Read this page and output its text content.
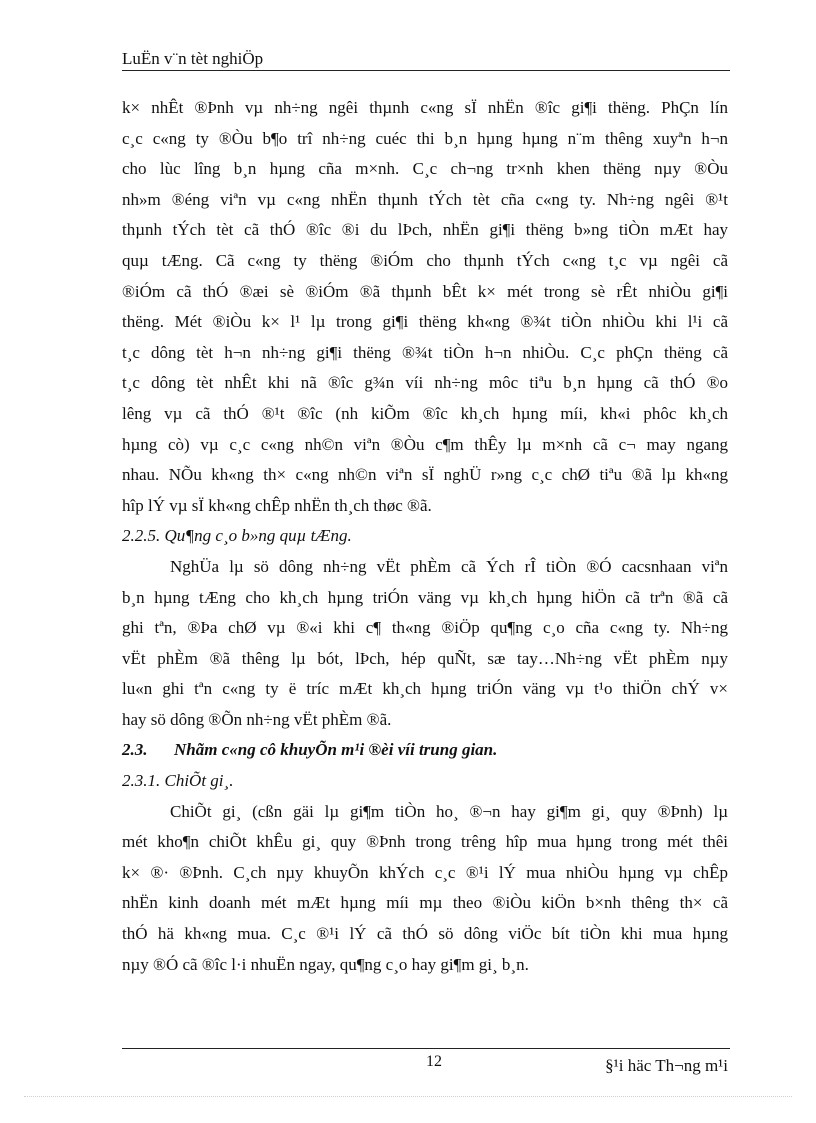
LuËn v¨n tèt nghiÖp

k× nhÊt ®Þnh vµ nh÷ng ngêi thµnh c«ng sÏ nhËn ®îc gi¶i thëng. PhÇn lín

c¸c c«ng ty ®Òu b¶o trî nh÷ng cuéc thi b¸n hµng hµng n¨m thêng xuyªn h¬n

cho lùc lîng b¸n hµng cña m×nh. C¸c ch¬ng tr×nh khen thëng nµy ®Òu

nh»m ®éng viªn vµ c«ng nhËn thµnh tÝch tèt cña c«ng ty. Nh÷ng ngêi ®¹t

thµnh tÝch tèt cã thÓ ®îc ®i du lÞch, nhËn gi¶i thëng b»ng tiÒn mÆt hay

quµ tÆng. Cã c«ng ty thëng ®iÓm cho thµnh tÝch c«ng t¸c vµ ngêi cã

®iÓm cã thÓ ®æi sè ®iÓm ®ã thµnh bÊt k× mét trong sè rÊt nhiÒu gi¶i

thëng. Mét ®iÒu k× l¹ lµ trong gi¶i thëng kh«ng ®¾t tiÒn nhiÒu khi l¹i cã

t¸c dông tèt h¬n nh÷ng gi¶i thëng ®¾t tiÒn h¬n nhiÒu. C¸c phÇn thëng cã

t¸c dông tèt nhÊt khi nã ®îc g¾n víi nh÷ng môc tiªu b¸n hµng cã thÓ ®o

lêng vµ cã thÓ ®¹t ®îc (nh kiÕm ®îc kh¸ch hµng míi, kh«i phôc kh¸ch

hµng cò) vµ c¸c c«ng nh©n viªn ®Òu c¶m thÊy lµ m×nh cã c¬ may ngang

nhau. NÕu kh«ng th× c«ng nh©n viªn sÏ nghÜ r»ng c¸c chØ tiªu ®ã lµ kh«ng

hîp lÝ vµ sÏ kh«ng chÊp nhËn th¸ch thøc ®ã.

2.2.5. Qu¶ng c¸o b»ng quµ tÆng.

NghÜa lµ sö dông nh÷ng vËt phÈm cã Ých rÎ tiÒn ®Ó cacsnhaan viªn

b¸n hµng tÆng cho kh¸ch hµng triÓn väng vµ kh¸ch hµng hiÖn cã trªn ®ã cã

ghi tªn, ®Þa chØ vµ ®«i khi c¶ th«ng ®iÖp qu¶ng c¸o cña c«ng ty. Nh÷ng

vËt phÈm ®ã thêng lµ bót, lÞch, hép quÑt, sæ tay…Nh÷ng vËt phÈm nµy

lu«n ghi tªn c«ng ty ë tríc mÆt kh¸ch hµng triÓn väng vµ t¹o thiÖn chÝ v×

hay sö dông ®Õn nh÷ng vËt phÈm ®ã.

2.3. Nhãm c«ng cô khuyÕn m¹i ®èi víi trung gian.
2.3.1. ChiÕt gi¸.

ChiÕt gi¸ (cßn gäi lµ gi¶m tiÒn ho¸ ®¬n hay gi¶m gi¸ quy ®Þnh) lµ

mét kho¶n chiÕt khÊu gi¸ quy ®Þnh trong trêng hîp mua hµng trong mét thêi

k× ®· ®Þnh. C¸ch nµy khuyÕn khÝch c¸c ®¹i lÝ mua nhiÒu hµng vµ chÊp

nhËn kinh doanh mét mÆt hµng míi mµ theo ®iÒu kiÖn b×nh thêng th× cã

thÓ hä kh«ng mua. C¸c ®¹i lÝ cã thÓ sö dông viÖc bít tiÒn khi mua hµng

nµy ®Ó cã ®îc l·i nhuËn ngay, qu¶ng c¸o hay gi¶m gi¸ b¸n.

12	§¹i häc Th¬ng m¹i
